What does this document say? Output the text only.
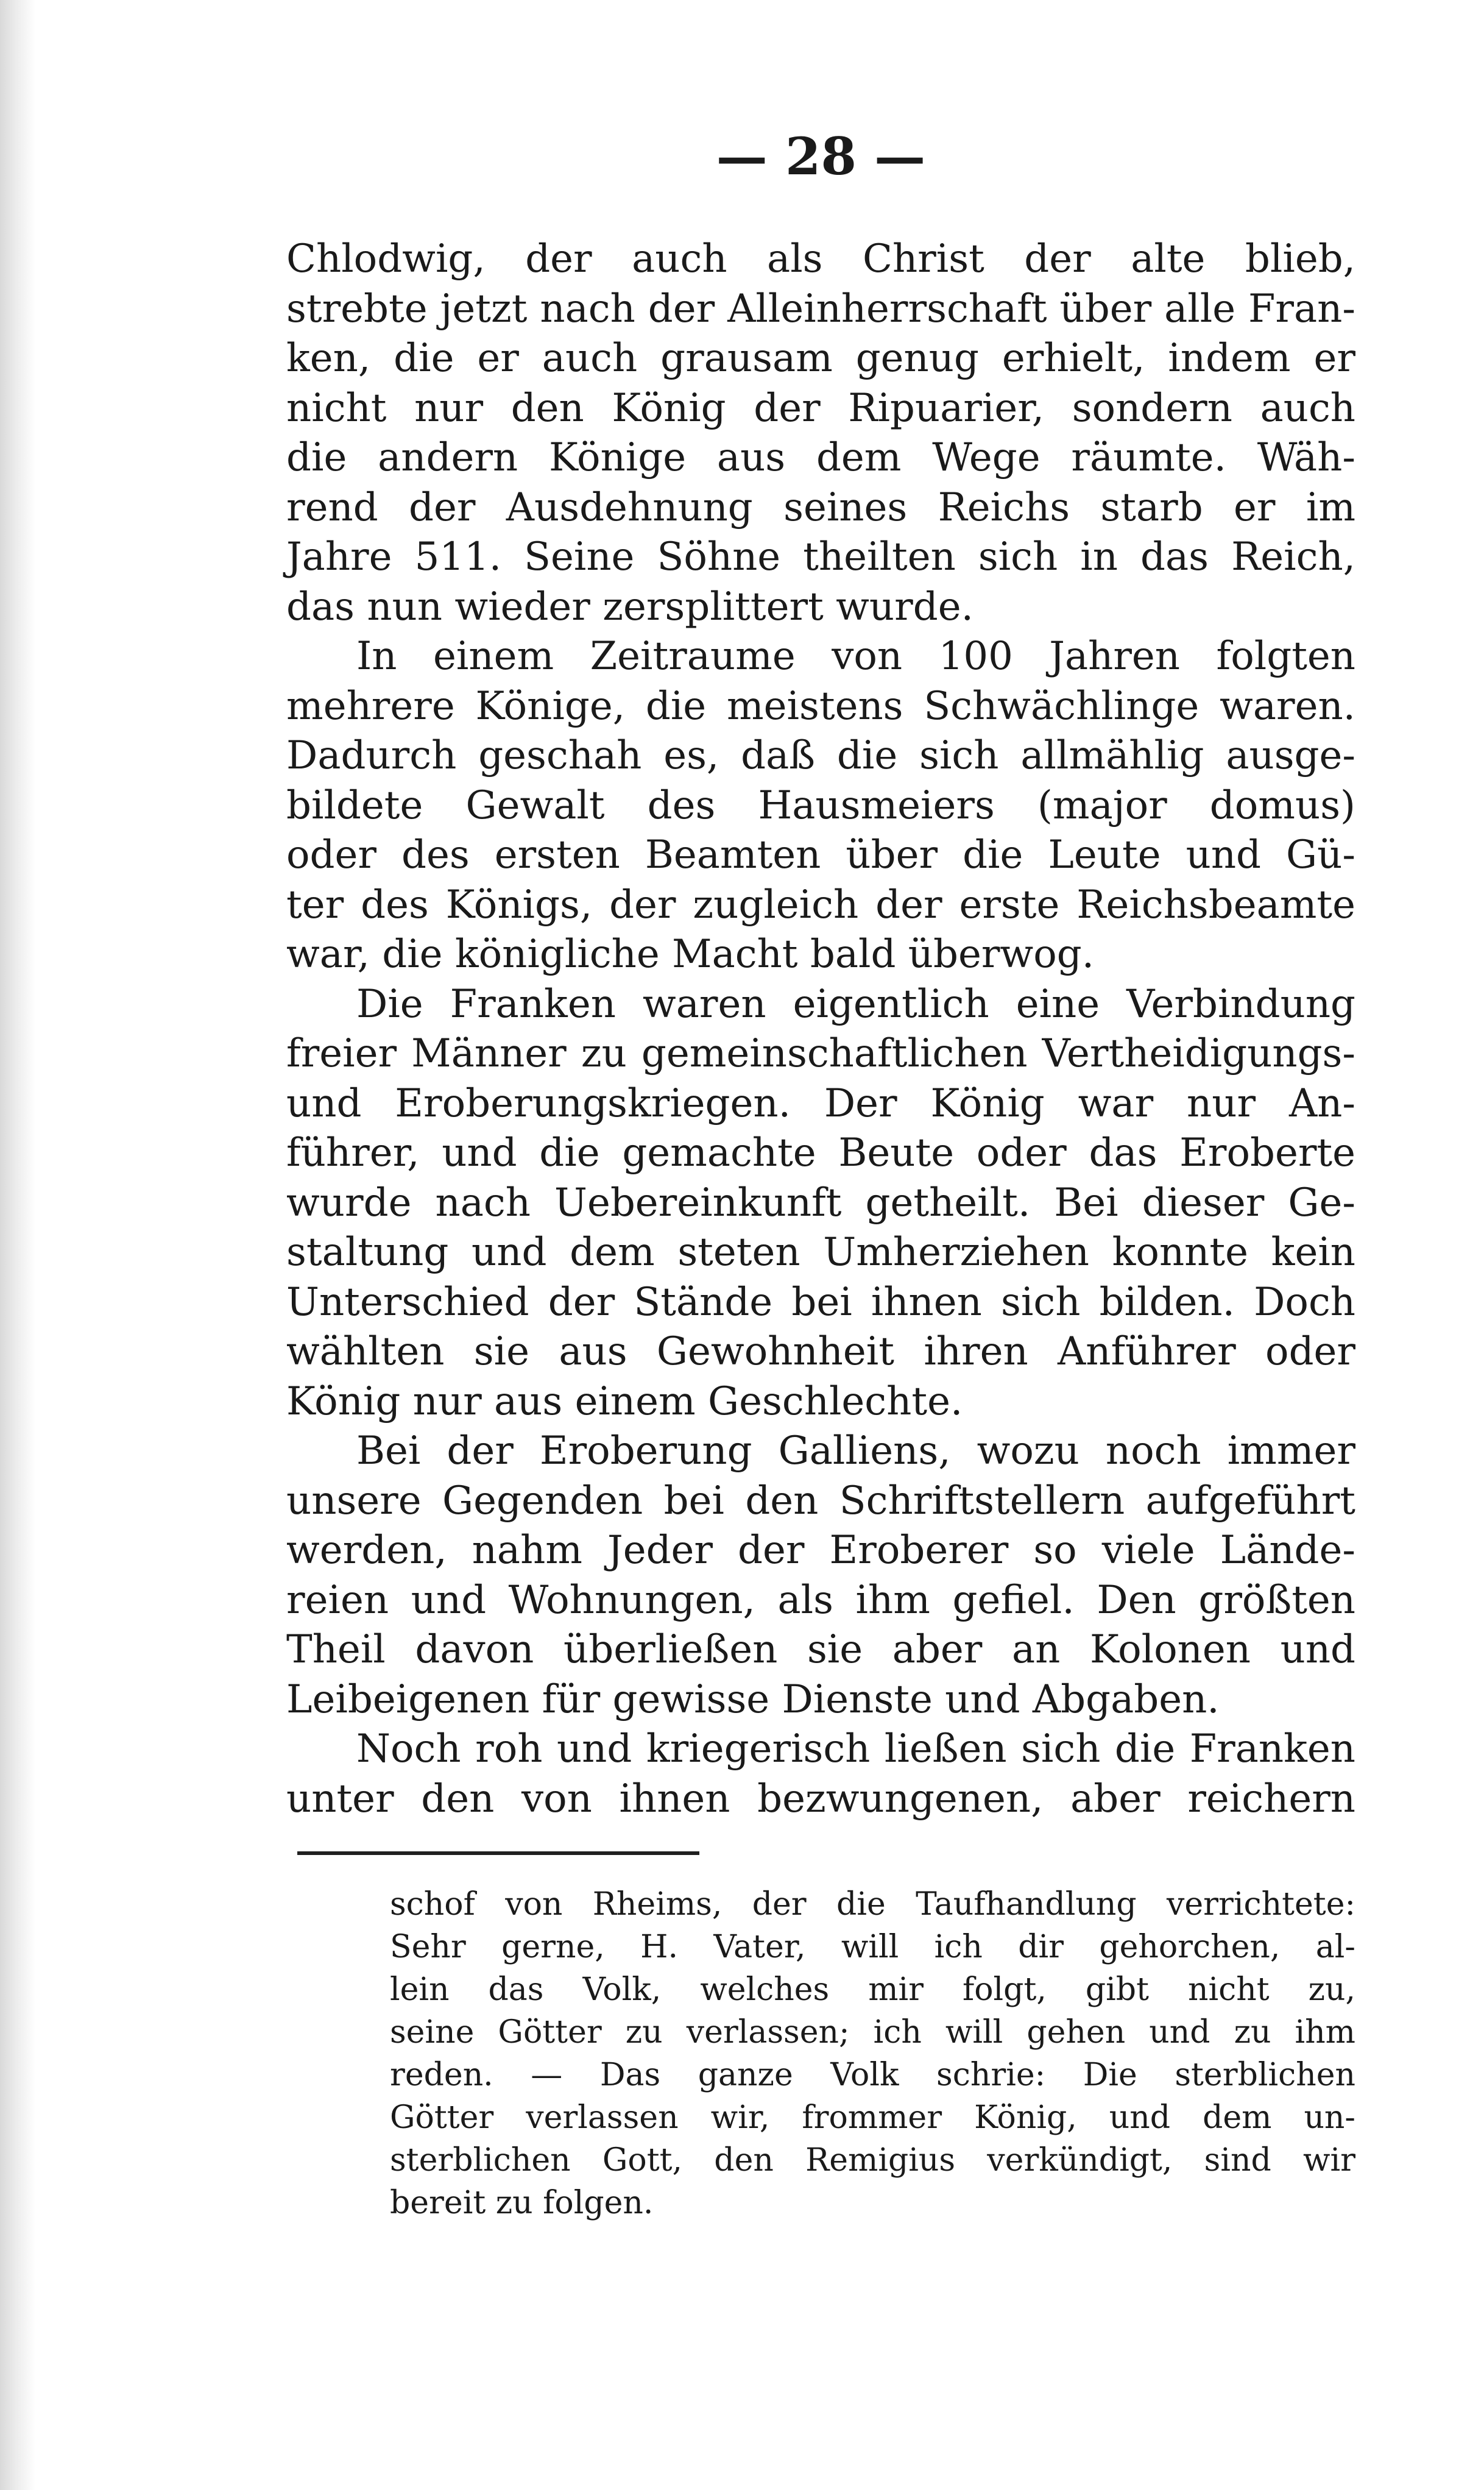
— 28 —
Chlodwig, der auch als Christ der alte blieb,
strebte jetzt nach der Alleinherrschaft über alle Fran-
ken, die er auch grausam genug erhielt, indem er
nicht nur den König der Ripuarier, sondern auch
die andern Könige aus dem Wege räumte. Wäh-
rend der Ausdehnung seines Reichs starb er im
Jahre 511. Seine Söhne theilten sich in das Reich,
das nun wieder zersplittert wurde.
In einem Zeitraume von 100 Jahren folgten
mehrere Könige, die meistens Schwächlinge waren.
Dadurch geschah es, daß die sich allmählig ausge-
bildete Gewalt des Hausmeiers (major domus)
oder des ersten Beamten über die Leute und Gü-
ter des Königs, der zugleich der erste Reichsbeamte
war, die königliche Macht bald überwog.
Die Franken waren eigentlich eine Verbindung
freier Männer zu gemeinschaftlichen Vertheidigungs-
und Eroberungskriegen. Der König war nur An-
führer, und die gemachte Beute oder das Eroberte
wurde nach Uebereinkunft getheilt. Bei dieser Ge-
staltung und dem steten Umherziehen konnte kein
Unterschied der Stände bei ihnen sich bilden. Doch
wählten sie aus Gewohnheit ihren Anführer oder
König nur aus einem Geschlechte.
Bei der Eroberung Galliens, wozu noch immer
unsere Gegenden bei den Schriftstellern aufgeführt
werden, nahm Jeder der Eroberer so viele Lände-
reien und Wohnungen, als ihm gefiel. Den größten
Theil davon überließen sie aber an Kolonen und
Leibeigenen für gewisse Dienste und Abgaben.
Noch roh und kriegerisch ließen sich die Franken
unter den von ihnen bezwungenen, aber reichern
schof von Rheims, der die Taufhandlung verrichtete:
Sehr gerne, H. Vater, will ich dir gehorchen, al-
lein das Volk, welches mir folgt, gibt nicht zu,
seine Götter zu verlassen; ich will gehen und zu ihm
reden. — Das ganze Volk schrie: Die sterblichen
Götter verlassen wir, frommer König, und dem un-
sterblichen Gott, den Remigius verkündigt, sind wir
bereit zu folgen.
